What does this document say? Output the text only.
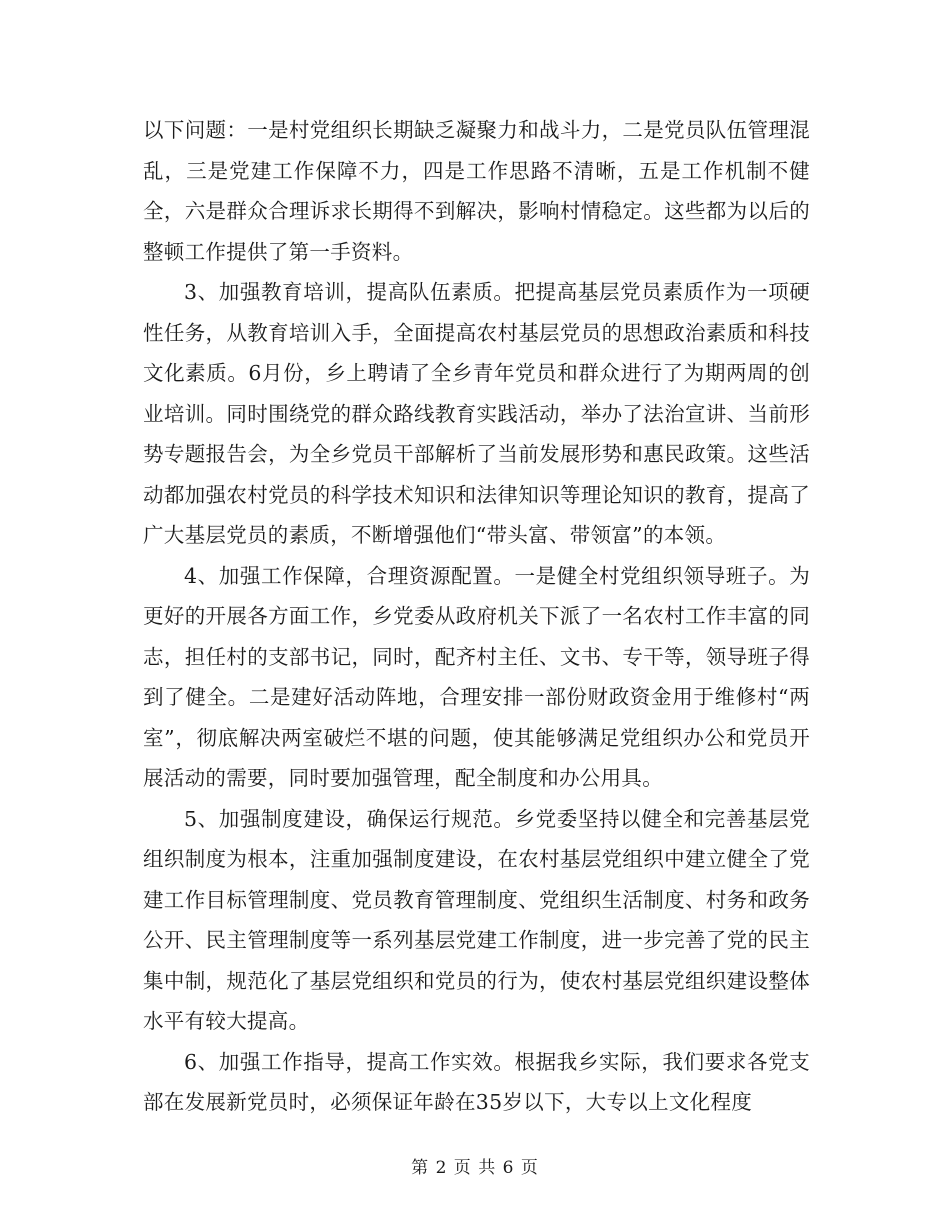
以下问题：一是村党组织长期缺乏凝聚力和战斗力，二是党员队伍管理混乱，三是党建工作保障不力，四是工作思路不清晰，五是工作机制不健全，六是群众合理诉求长期得不到解决，影响村情稳定。这些都为以后的整顿工作提供了第一手资料。

3、加强教育培训，提高队伍素质。把提高基层党员素质作为一项硬性任务，从教育培训入手，全面提高农村基层党员的思想政治素质和科技文化素质。6月份，乡上聘请了全乡青年党员和群众进行了为期两周的创业培训。同时围绕党的群众路线教育实践活动，举办了法治宣讲、当前形势专题报告会，为全乡党员干部解析了当前发展形势和惠民政策。这些活动都加强农村党员的科学技术知识和法律知识等理论知识的教育，提高了广大基层党员的素质，不断增强他们“带头富、带领富”的本领。

4、加强工作保障，合理资源配置。一是健全村党组织领导班子。为更好的开展各方面工作，乡党委从政府机关下派了一名农村工作丰富的同志，担任村的支部书记，同时，配齐村主任、文书、专干等，领导班子得到了健全。二是建好活动阵地，合理安排一部份财政资金用于维修村“两室”，彻底解决两室破烂不堪的问题，使其能够满足党组织办公和党员开展活动的需要，同时要加强管理，配全制度和办公用具。

5、加强制度建设，确保运行规范。乡党委坚持以健全和完善基层党组织制度为根本，注重加强制度建设，在农村基层党组织中建立健全了党建工作目标管理制度、党员教育管理制度、党组织生活制度、村务和政务公开、民主管理制度等一系列基层党建工作制度，进一步完善了党的民主集中制，规范化了基层党组织和党员的行为，使农村基层党组织建设整体水平有较大提高。

6、加强工作指导，提高工作实效。根据我乡实际，我们要求各党支部在发展新党员时，必须保证年龄在35岁以下，大专以上文化程度

第 2 页 共 6 页
